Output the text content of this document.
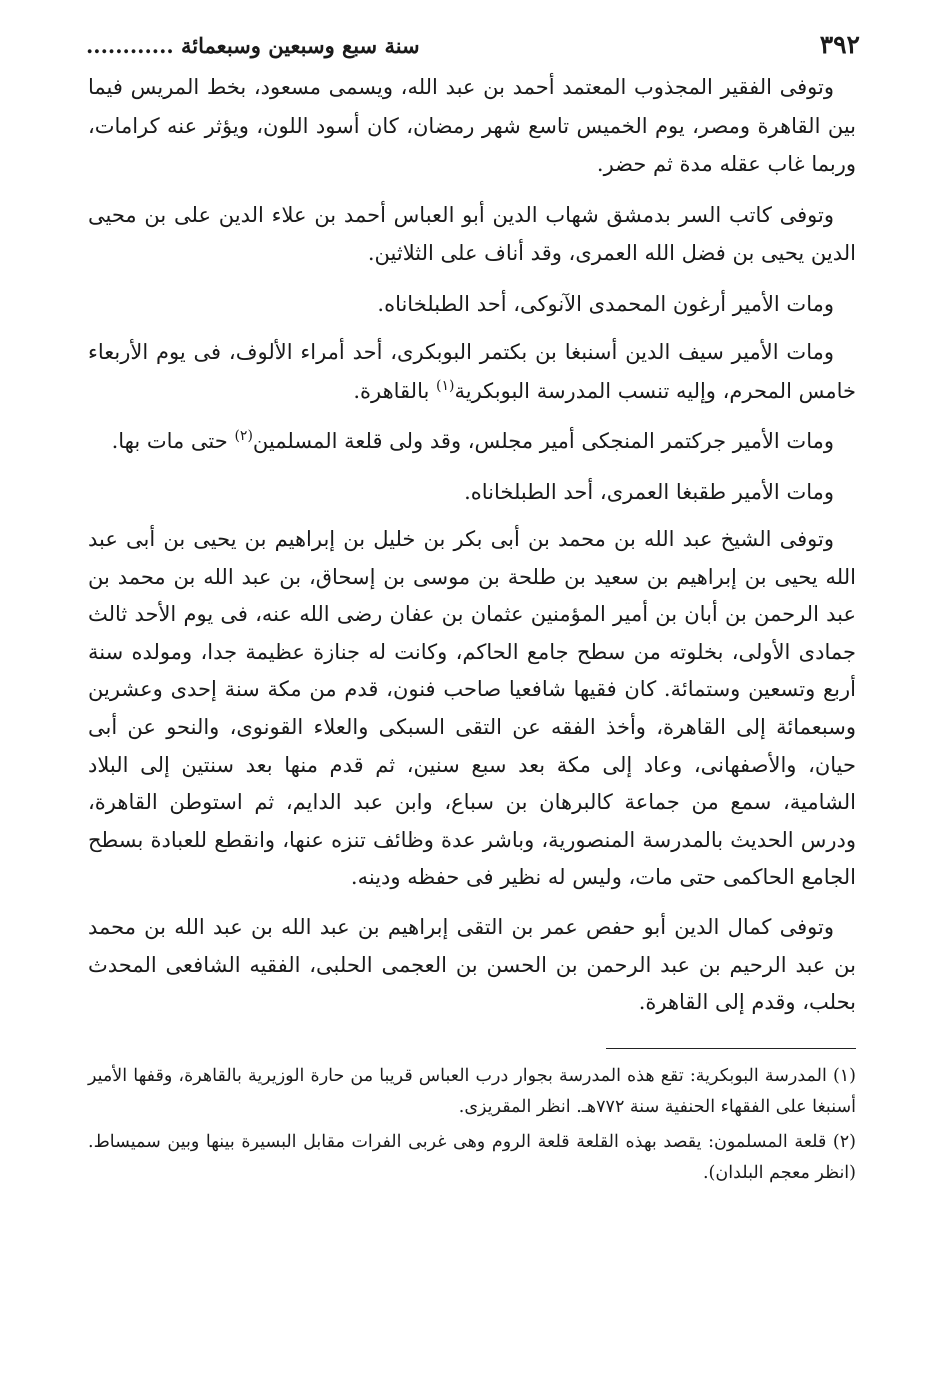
٣٩٢
سنة سبع وسبعين وسبعمائة ............

وتوفى الفقير المجذوب المعتمد أحمد بن عبد الله، ويسمى مسعود، بخط المريس فيما بين القاهرة ومصر، يوم الخميس تاسع شهر رمضان، كان أسود اللون، ويؤثر عنه كرامات، وربما غاب عقله مدة ثم حضر.

وتوفى كاتب السر بدمشق شهاب الدين أبو العباس أحمد بن علاء الدين على بن محيى الدين يحيى بن فضل الله العمرى، وقد أناف على الثلاثين.

ومات الأمير أرغون المحمدى الآنوكى، أحد الطبلخاناه.

ومات الأمير سيف الدين أسنبغا بن بكتمر البوبكرى، أحد أمراء الألوف، فى يوم الأربعاء خامس المحرم، وإليه تنسب المدرسة البوبكرية$^{(١)}$ بالقاهرة.

ومات الأمير جركتمر المنجكى أمير مجلس، وقد ولى قلعة المسلمين$^{(٢)}$ حتى مات بها.

ومات الأمير طقبغا العمرى، أحد الطبلخاناه.

وتوفى الشيخ عبد الله بن محمد بن أبى بكر بن خليل بن إبراهيم بن يحيى بن أبى عبد الله يحيى بن إبراهيم بن سعيد بن طلحة بن موسى بن إسحاق، بن عبد الله بن محمد بن عبد الرحمن بن أبان بن أمير المؤمنين عثمان بن عفان رضى الله عنه، فى يوم الأحد ثالث جمادى الأولى، بخلوته من سطح جامع الحاكم، وكانت له جنازة عظيمة جدا، ومولده سنة أربع وتسعين وستمائة. كان فقيها شافعيا صاحب فنون، قدم من مكة سنة إحدى وعشرين وسبعمائة إلى القاهرة، وأخذ الفقه عن التقى السبكى والعلاء القونوى، والنحو عن أبى حيان، والأصفهانى، وعاد إلى مكة بعد سبع سنين، ثم قدم منها بعد سنتين إلى البلاد الشامية، سمع من جماعة كالبرهان بن سباع، وابن عبد الدايم، ثم استوطن القاهرة، ودرس الحديث بالمدرسة المنصورية، وباشر عدة وظائف تنزه عنها، وانقطع للعبادة بسطح الجامع الحاكمى حتى مات، وليس له نظير فى حفظه ودينه.

وتوفى كمال الدين أبو حفص عمر بن التقى إبراهيم بن عبد الله بن عبد الله بن محمد بن عبد الرحيم بن عبد الرحمن بن الحسن بن العجمى الحلبى، الفقيه الشافعى المحدث بحلب، وقدم إلى القاهرة.

(١) المدرسة البوبكرية: تقع هذه المدرسة بجوار درب العباس قريبا من حارة الوزيرية بالقاهرة، وقفها الأمير أسنبغا على الفقهاء الحنفية سنة ٧٧٢هـ. انظر المقريزى.

(٢) قلعة المسلمون: يقصد بهذه القلعة قلعة الروم وهى غربى الفرات مقابل البسيرة بينها وبين سميساط. (انظر معجم البلدان).
